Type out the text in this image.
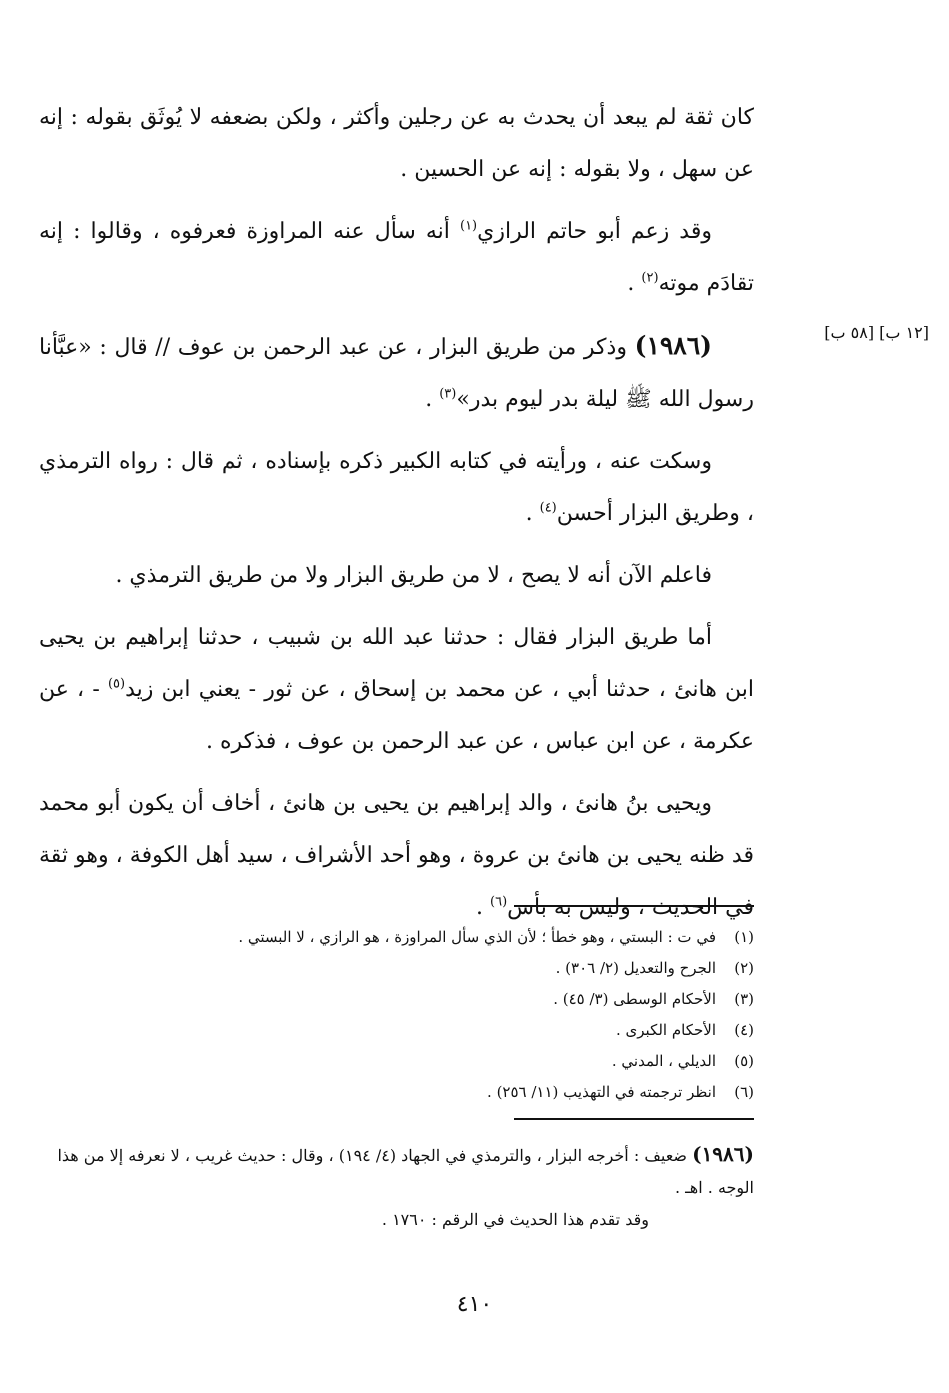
كان ثقة لم يبعد أن يحدث به عن رجلين وأكثر ، ولكن بضعفه لا يُوثَق بقوله : إنه عن سهل ، ولا بقوله : إنه عن الحسين .

وقد زعم أبو حاتم الرازي$^{(١)}$ أنه سأل عنه المراوزة فعرفوه ، وقالوا : إنه تقادَم موته$^{(٢)}$ .

(١٩٨٦) وذكر من طريق البزار ، عن عبد الرحمن بن عوف // قال : «عبَّأنا رسول الله ﷺ ليلة بدر ليوم بدر»$^{(٣)}$ .

وسكت عنه ، ورأيته في كتابه الكبير ذكره بإسناده ، ثم قال : رواه الترمذي ، وطريق البزار أحسن$^{(٤)}$ .

فاعلم الآن أنه لا يصح ، لا من طريق البزار ولا من طريق الترمذي .

أما طريق البزار فقال : حدثنا عبد الله بن شبيب ، حدثنا إبراهيم بن يحيى ابن هانئ ، حدثنا أبي ، عن محمد بن إسحاق ، عن ثور - يعني ابن زيد$^{(٥)}$ - ، عن عكرمة ، عن ابن عباس ، عن عبد الرحمن بن عوف ، فذكره .

ويحيى بنُ هانئ ، والد إبراهيم بن يحيى بن هانئ ، أخاف أن يكون أبو محمد قد ظنه يحيى بن هانئ بن عروة ، وهو أحد الأشراف ، سيد أهل الكوفة ، وهو ثقة في الحديث ، وليس به بأس$^{(٦)}$ .

[١٢ ب] [٥٨ ب]
(١)
في ت : البستي ، وهو خطأ ؛ لأن الذي سأل المراوزة ، هو الرازي ، لا البستي .
(٢)
الجرح والتعديل (٢/ ٣٠٦) .
(٣)
الأحكام الوسطى (٣/ ٤٥) .
(٤)
الأحكام الكبرى .
(٥)
الديلي ، المدني .
(٦)
انظر ترجمته في التهذيب (١١/ ٢٥٦) .

(١٩٨٦) ضعيف : أخرجه البزار ، والترمذي في الجهاد (٤/ ١٩٤) ، وقال : حديث غريب ، لا نعرفه إلا من هذا الوجه . اهـ .

وقد تقدم هذا الحديث في الرقم : ١٧٦٠ .

٤١٠
